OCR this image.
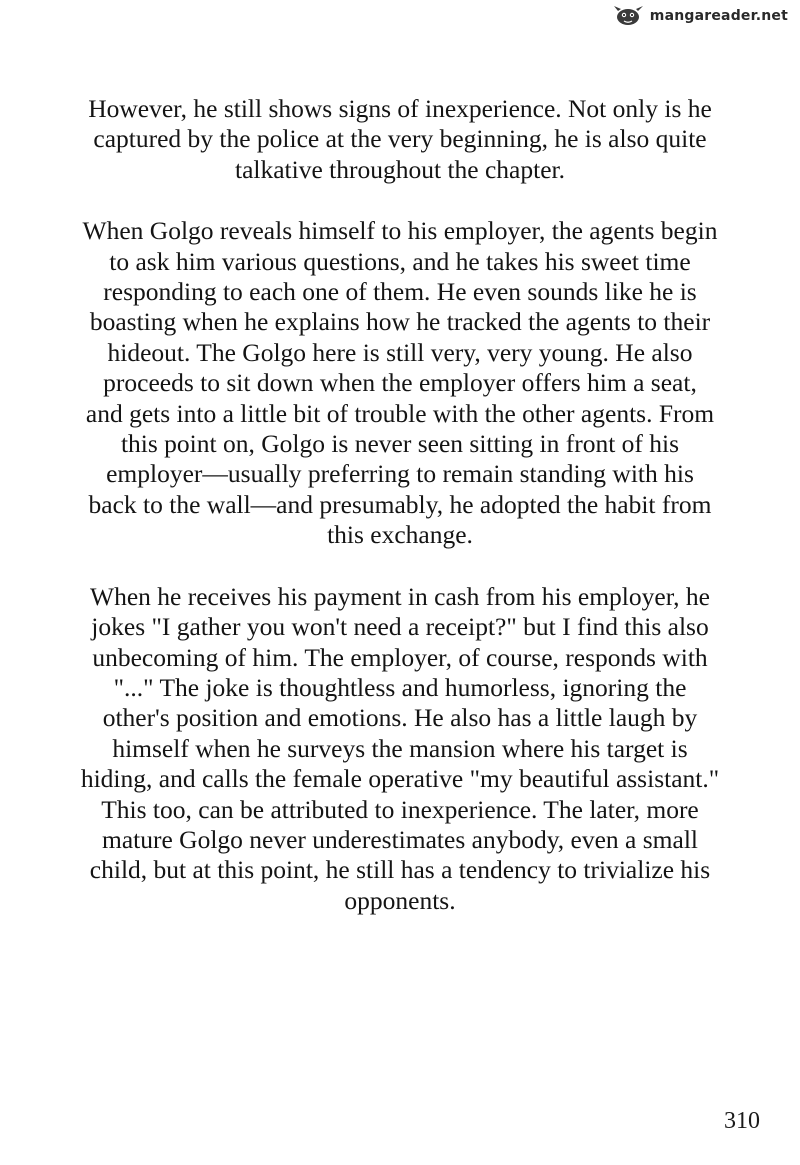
mangareader.net

However, he still shows signs of inexperience. Not only is he
captured by the police at the very beginning, he is also quite
talkative throughout the chapter.

When Golgo reveals himself to his employer, the agents begin
to ask him various questions, and he takes his sweet time
responding to each one of them. He even sounds like he is
boasting when he explains how he tracked the agents to their
hideout. The Golgo here is still very, very young. He also
proceeds to sit down when the employer offers him a seat,
and gets into a little bit of trouble with the other agents. From
this point on, Golgo is never seen sitting in front of his
employer—usually preferring to remain standing with his
back to the wall—and presumably, he adopted the habit from
this exchange.

When he receives his payment in cash from his employer, he
jokes "I gather you won't need a receipt?" but I find this also
unbecoming of him. The employer, of course, responds with
"..." The joke is thoughtless and humorless, ignoring the
other's position and emotions. He also has a little laugh by
himself when he surveys the mansion where his target is
hiding, and calls the female operative "my beautiful assistant."
This too, can be attributed to inexperience. The later, more
mature Golgo never underestimates anybody, even a small
child, but at this point, he still has a tendency to trivialize his
opponents.

310
